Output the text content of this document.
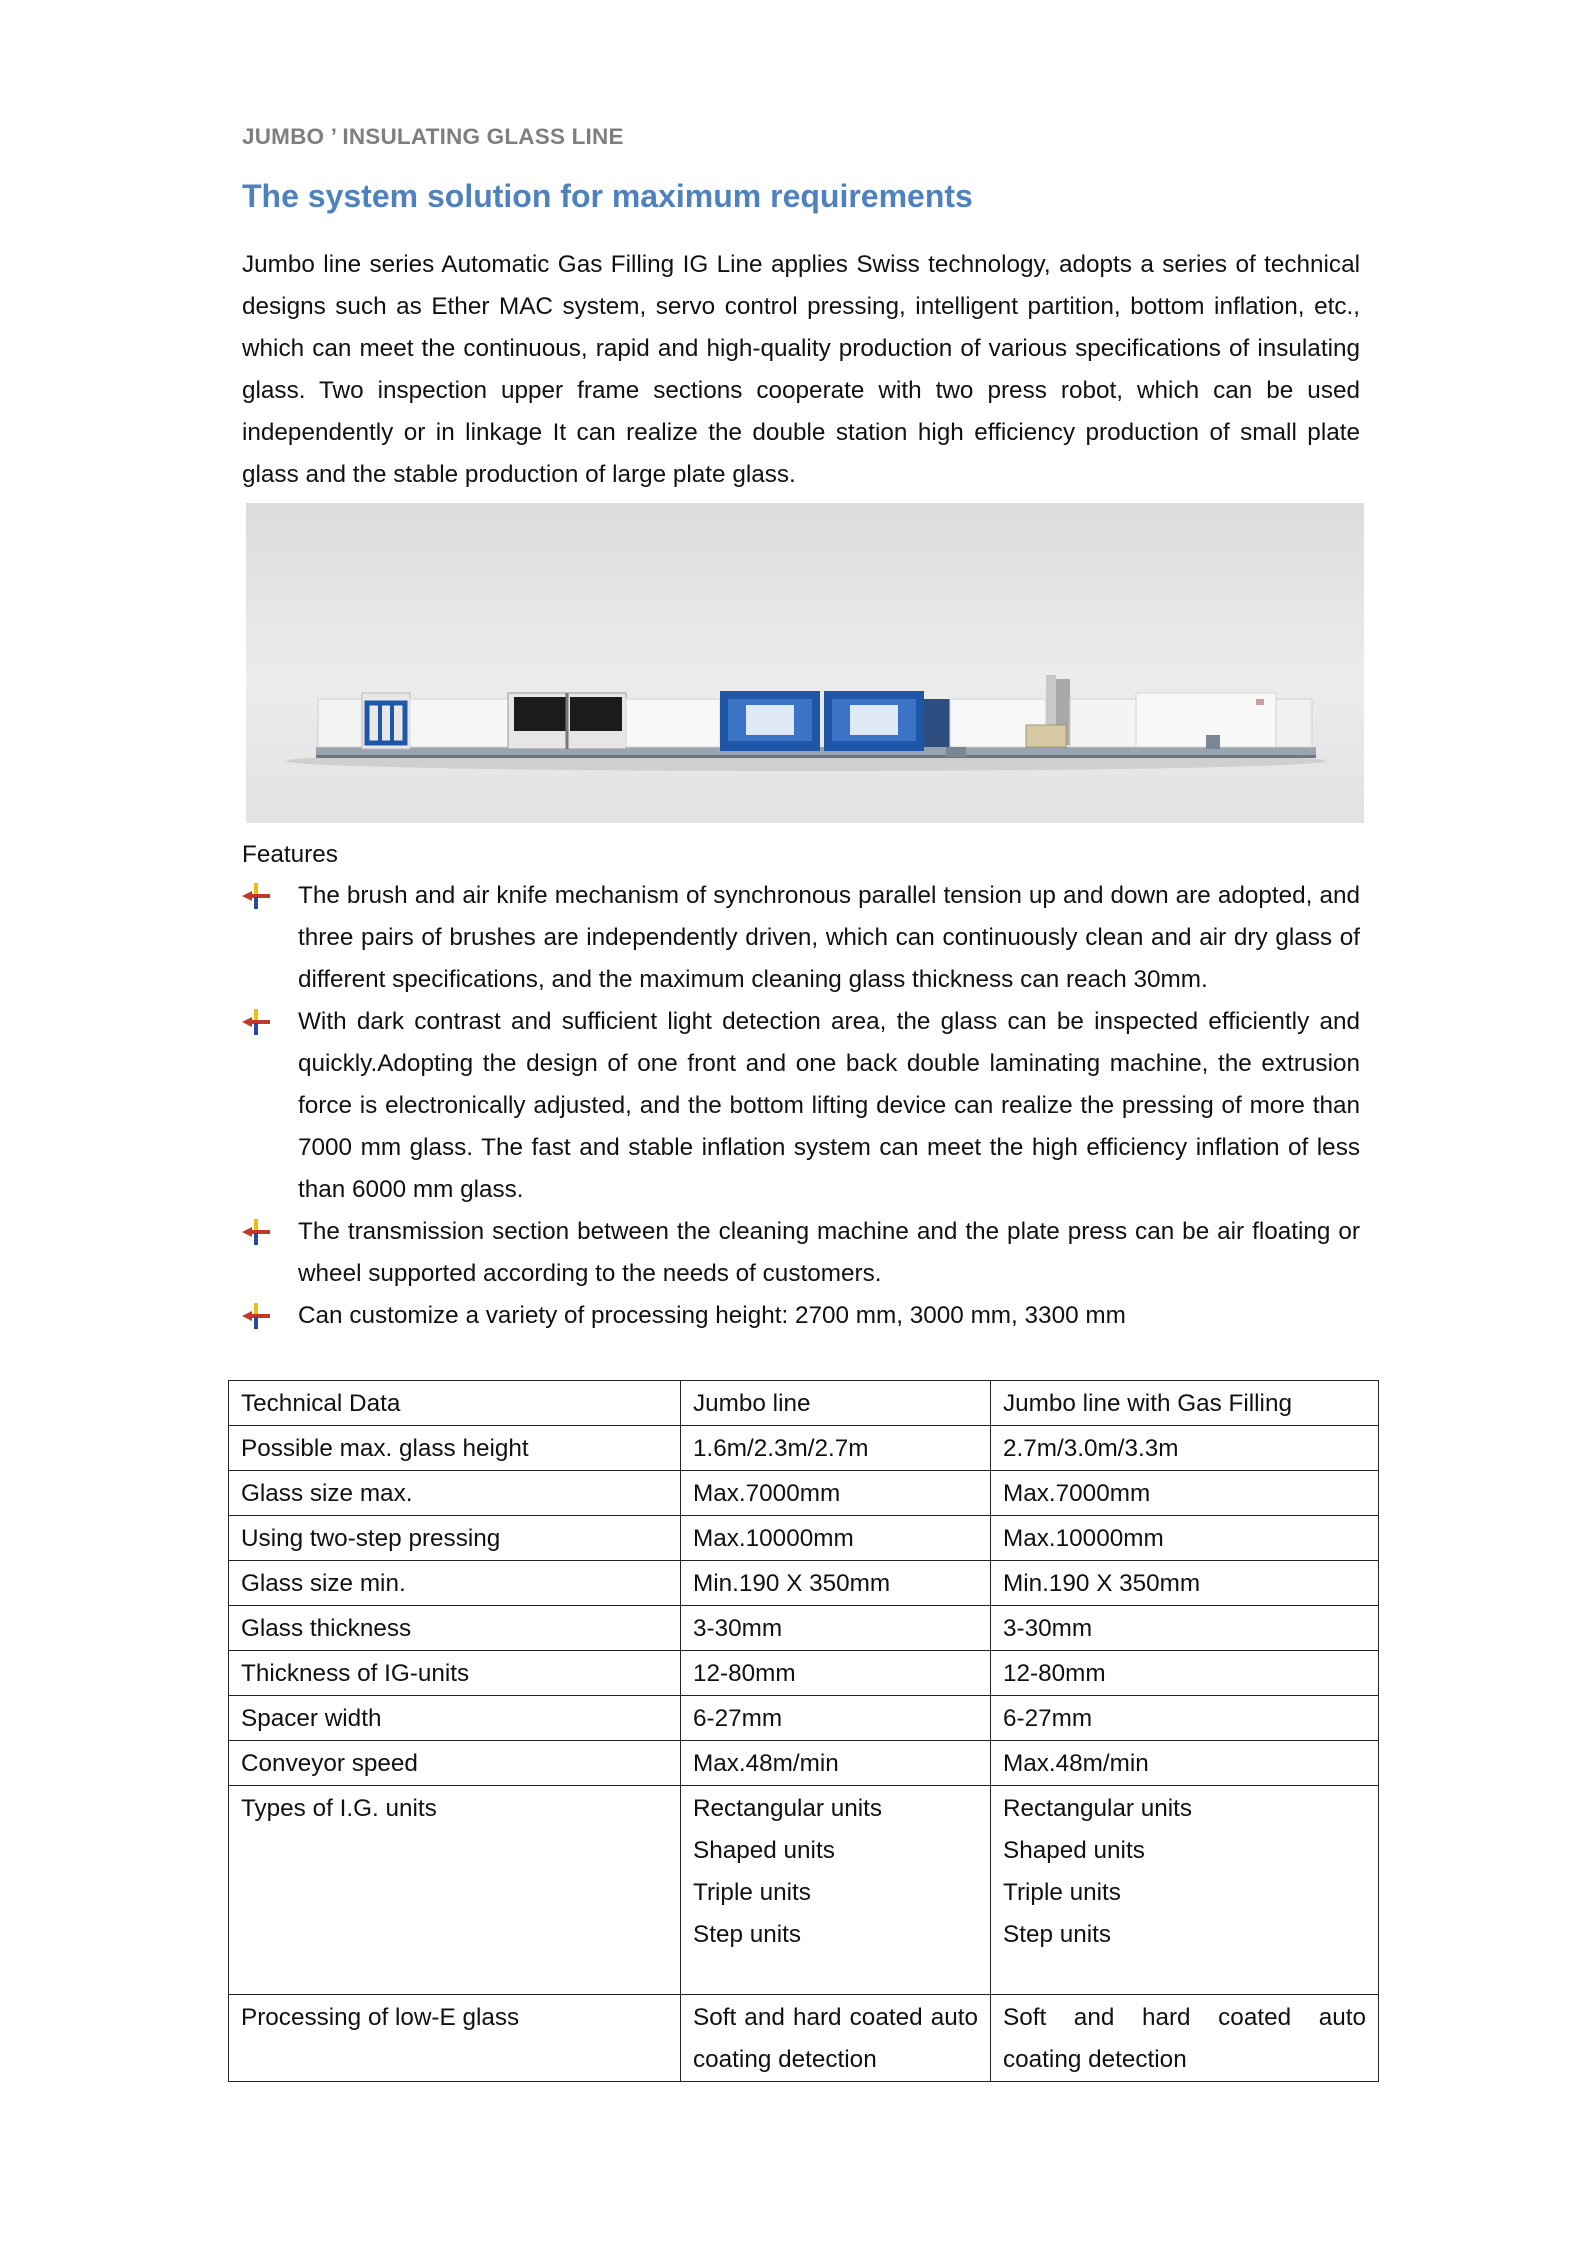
JUMBO ’ INSULATING GLASS LINE
The system solution for maximum requirements

Jumbo line series Automatic Gas Filling IG Line applies Swiss technology, adopts a series of technical designs such as Ether MAC system, servo control pressing, intelligent partition, bottom inflation, etc., which can meet the continuous, rapid and high-quality production of various specifications of insulating glass. Two inspection upper frame sections cooperate with two press robot, which can be used independently or in linkage It can realize the double station high efficiency production of small plate glass and the stable production of large plate glass.

Features
The brush and air knife mechanism of synchronous parallel tension up and down are adopted, and three pairs of brushes are independently driven, which can continuously clean and air dry glass of different specifications, and the maximum cleaning glass thickness can reach 30mm.
With dark contrast and sufficient light detection area, the glass can be inspected efficiently and quickly.Adopting the design of one front and one back double laminating machine, the extrusion force is electronically adjusted, and the bottom lifting device can realize the pressing of more than 7000 mm glass. The fast and stable inflation system can meet the high efficiency inflation of less than 6000 mm glass.
The transmission section between the cleaning machine and the plate press can be air floating or wheel supported according to the needs of customers.
Can customize a variety of processing height: 2700 mm, 3000 mm, 3300 mm
Technical Data	Jumbo line	Jumbo line with Gas Filling
Possible max. glass height	1.6m/2.3m/2.7m	2.7m/3.0m/3.3m
Glass size max.	Max.7000mm	Max.7000mm
Using two-step pressing	Max.10000mm	Max.10000mm
Glass size min.	Min.190 X 350mm	Min.190 X 350mm
Glass thickness	3-30mm	3-30mm
Thickness of IG-units	12-80mm	12-80mm
Spacer width	6-27mm	6-27mm
Conveyor speed	Max.48m/min	Max.48m/min
Types of I.G. units	Rectangular units
Shaped units
Triple units
Step units	Rectangular units
Shaped units
Triple units
Step units

Processing of low-E glass	Soft and hard coated auto coating detection	Soft and hard coated auto coating detection
